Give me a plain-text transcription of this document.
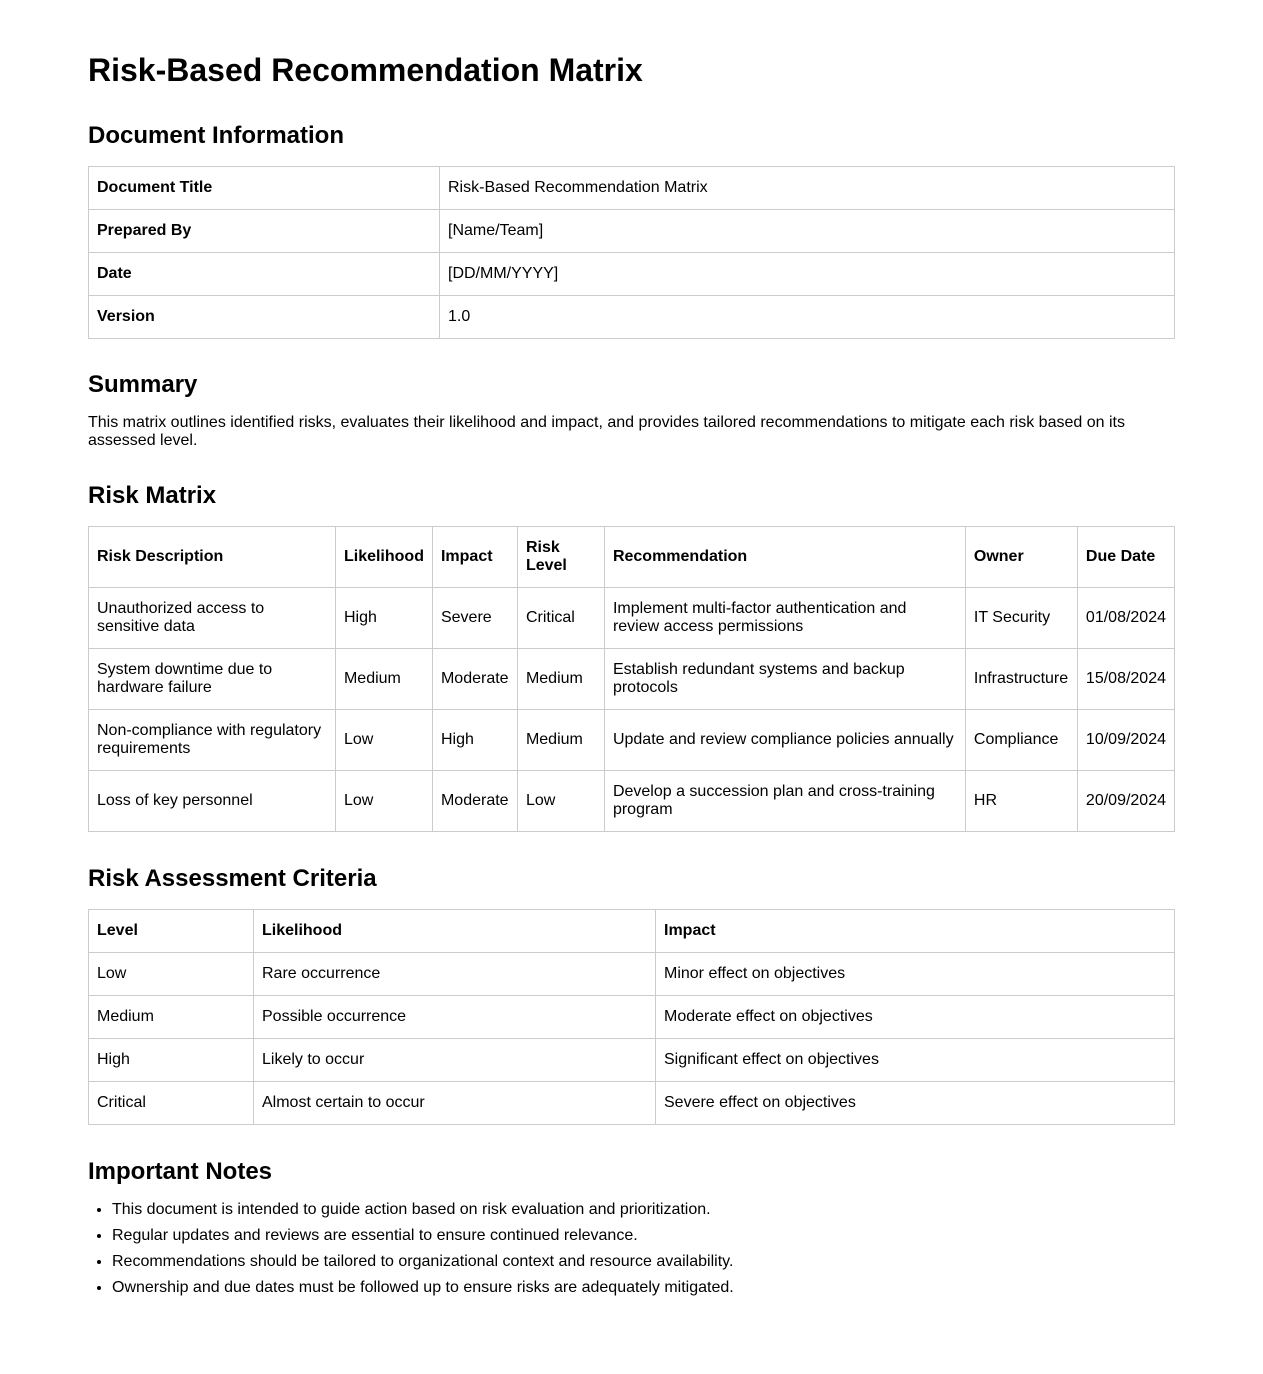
Risk-Based Recommendation Matrix
Document Information
Document Title	Risk-Based Recommendation Matrix
Prepared By	[Name/Team]
Date	[DD/MM/YYYY]
Version	1.0
Summary

This matrix outlines identified risks, evaluates their likelihood and impact, and provides tailored recommendations to mitigate each risk based on its assessed level.

Risk Matrix
Risk Description	Likelihood	Impact	Risk Level	Recommendation	Owner	Due Date
Unauthorized access to sensitive data	High	Severe	Critical	Implement multi-factor authentication and review access permissions	IT Security	01/08/2024
System downtime due to hardware failure	Medium	Moderate	Medium	Establish redundant systems and backup protocols	Infrastructure	15/08/2024
Non-compliance with regulatory requirements	Low	High	Medium	Update and review compliance policies annually	Compliance	10/09/2024
Loss of key personnel	Low	Moderate	Low	Develop a succession plan and cross-training program	HR	20/09/2024
Risk Assessment Criteria
Level	Likelihood	Impact
Low	Rare occurrence	Minor effect on objectives
Medium	Possible occurrence	Moderate effect on objectives
High	Likely to occur	Significant effect on objectives
Critical	Almost certain to occur	Severe effect on objectives
Important Notes
• This document is intended to guide action based on risk evaluation and prioritization.
• Regular updates and reviews are essential to ensure continued relevance.
• Recommendations should be tailored to organizational context and resource availability.
• Ownership and due dates must be followed up to ensure risks are adequately mitigated.
